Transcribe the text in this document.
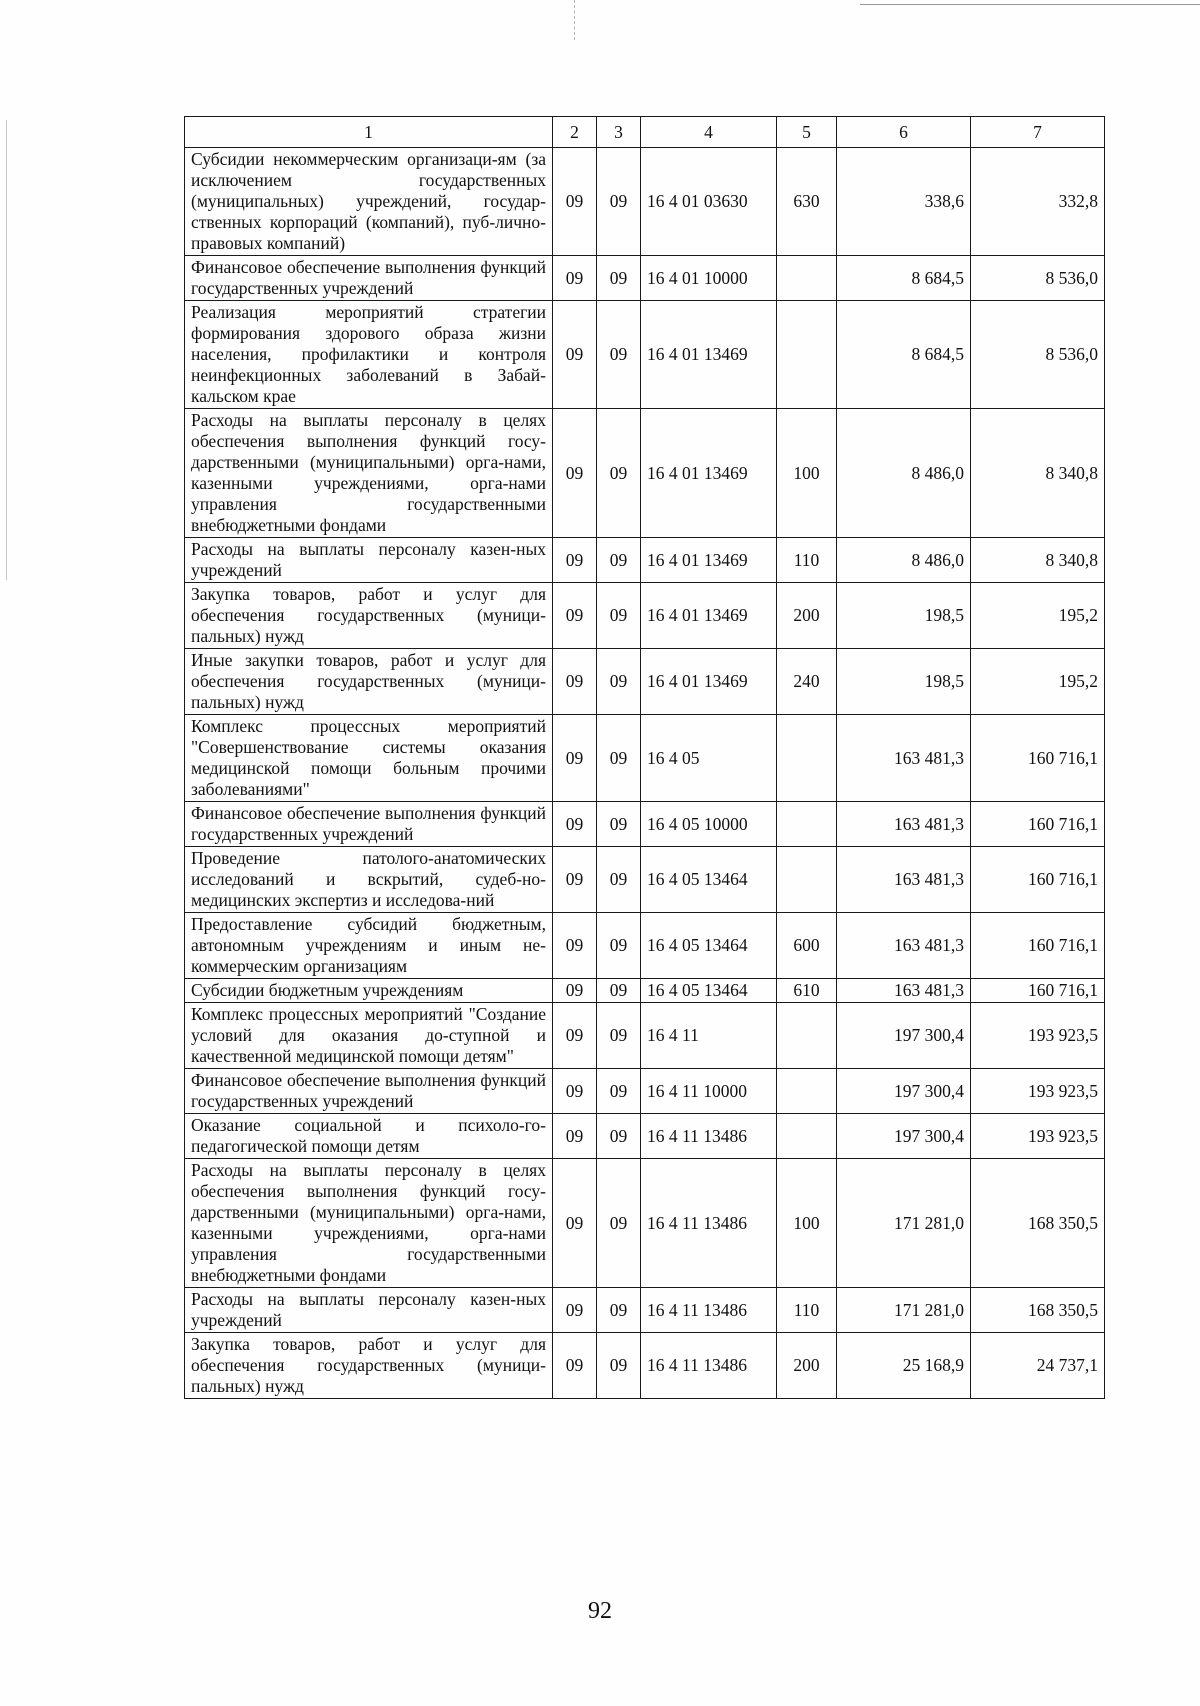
1	2	3	4	5	6	7
Субсидии некоммерческим организаци-ям (за исключением государственных (муниципальных) учреждений, государ-ственных корпораций (компаний), пуб-лично-правовых компаний)	09	09	16 4 01 03630	630	338,6	332,8
Финансовое обеспечение выполнения функций государственных учреждений	09	09	16 4 01 10000		8 684,5	8 536,0
Реализация мероприятий стратегии формирования здорового образа жизни населения, профилактики и контроля неинфекционных заболеваний в Забай-кальском крае	09	09	16 4 01 13469		8 684,5	8 536,0
Расходы на выплаты персоналу в целях обеспечения выполнения функций госу-дарственными (муниципальными) орга-нами, казенными учреждениями, орга-нами управления государственными внебюджетными фондами	09	09	16 4 01 13469	100	8 486,0	8 340,8
Расходы на выплаты персоналу казен-ных учреждений	09	09	16 4 01 13469	110	8 486,0	8 340,8
Закупка товаров, работ и услуг для обеспечения государственных (муници-пальных) нужд	09	09	16 4 01 13469	200	198,5	195,2
Иные закупки товаров, работ и услуг для обеспечения государственных (муници-пальных) нужд	09	09	16 4 01 13469	240	198,5	195,2
Комплекс процессных мероприятий "Совершенствование системы оказания медицинской помощи больным прочими заболеваниями"	09	09	16 4 05		163 481,3	160 716,1
Финансовое обеспечение выполнения функций государственных учреждений	09	09	16 4 05 10000		163 481,3	160 716,1
Проведение патолого-анатомических исследований и вскрытий, судеб-но-медицинских экспертиз и исследова-ний	09	09	16 4 05 13464		163 481,3	160 716,1
Предоставление субсидий бюджетным, автономным учреждениям и иным не-коммерческим организациям	09	09	16 4 05 13464	600	163 481,3	160 716,1
Субсидии бюджетным учреждениям	09	09	16 4 05 13464	610	163 481,3	160 716,1
Комплекс процессных мероприятий "Создание условий для оказания до-ступной и качественной медицинской помощи детям"	09	09	16 4 11		197 300,4	193 923,5
Финансовое обеспечение выполнения функций государственных учреждений	09	09	16 4 11 10000		197 300,4	193 923,5
Оказание социальной и психоло-го-педагогической помощи детям	09	09	16 4 11 13486		197 300,4	193 923,5
Расходы на выплаты персоналу в целях обеспечения выполнения функций госу-дарственными (муниципальными) орга-нами, казенными учреждениями, орга-нами управления государственными внебюджетными фондами	09	09	16 4 11 13486	100	171 281,0	168 350,5
Расходы на выплаты персоналу казен-ных учреждений	09	09	16 4 11 13486	110	171 281,0	168 350,5
Закупка товаров, работ и услуг для обеспечения государственных (муници-пальных) нужд	09	09	16 4 11 13486	200	25 168,9	24 737,1
92
